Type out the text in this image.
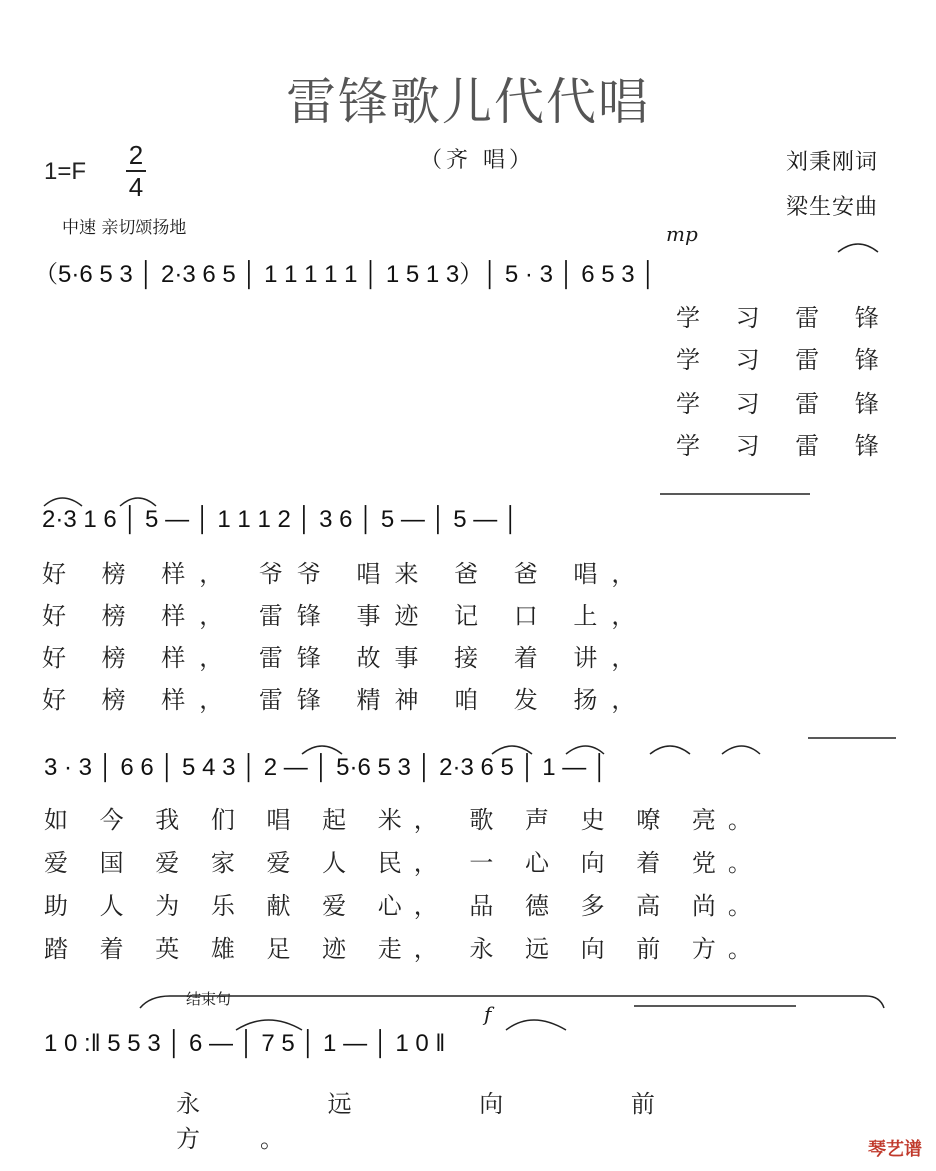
雷锋歌儿代代唱
1=F
2
4
（齐 唱）	刘秉刚词
梁生安曲
中速 亲切颂扬地	mp
（5·6 5 3 │ 2·3 6 5 │ 1 1 1 1 1 │ 1 5 1 3）│ 5 · 3 │ 6 5 3 │
学 习 雷 锋
学 习 雷 锋
学 习 雷 锋
学 习 雷 锋
2·3 1 6 │ 5 — │ 1 1 1 2 │ 3 6 │ 5 — │ 5 — │
好 榜 样， 爷爷 唱来 爸 爸 唱，
好 榜 样， 雷锋 事迹 记 口 上，
好 榜 样， 雷锋 故事 接 着 讲，
好 榜 样， 雷锋 精神 咱 发 扬，
3 · 3 │ 6 6 │ 5 4 3 │ 2 — │ 5·6 5 3 │ 2·3 6 5 │ 1 — │
如 今 我 们 唱 起 米， 歌 声 史 嘹 亮。
爱 国 爱 家 爱 人 民， 一 心 向 着 党。
助 人 为 乐 献 爱 心， 品 德 多 高 尚。
踏 着 英 雄 足 迹 走， 永 远 向 前 方。
结束句
f
1 0 :‖ 5 5 3 │ 6 — │ 7 5 │ 1 — │ 1 0 ‖
永 远 向 前 方。	琴艺谱
